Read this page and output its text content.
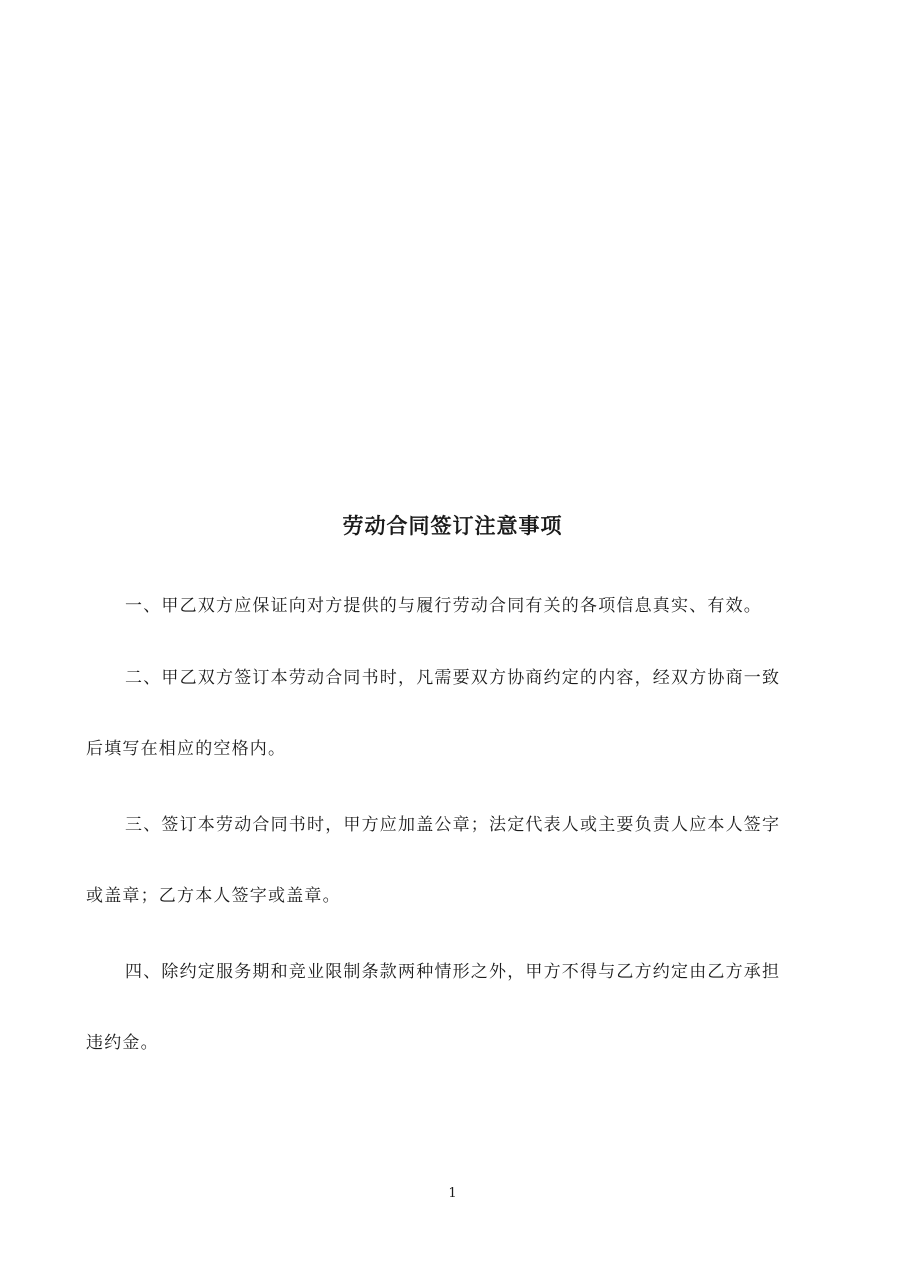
劳动合同签订注意事项
一、甲乙双方应保证向对方提供的与履行劳动合同有关的各项信息真实、有效。
二、甲乙双方签订本劳动合同书时，凡需要双方协商约定的内容，经双方协商一致
后填写在相应的空格内。
三、签订本劳动合同书时，甲方应加盖公章；法定代表人或主要负责人应本人签字
或盖章；乙方本人签字或盖章。
四、除约定服务期和竞业限制条款两种情形之外，甲方不得与乙方约定由乙方承担
违约金。
1
